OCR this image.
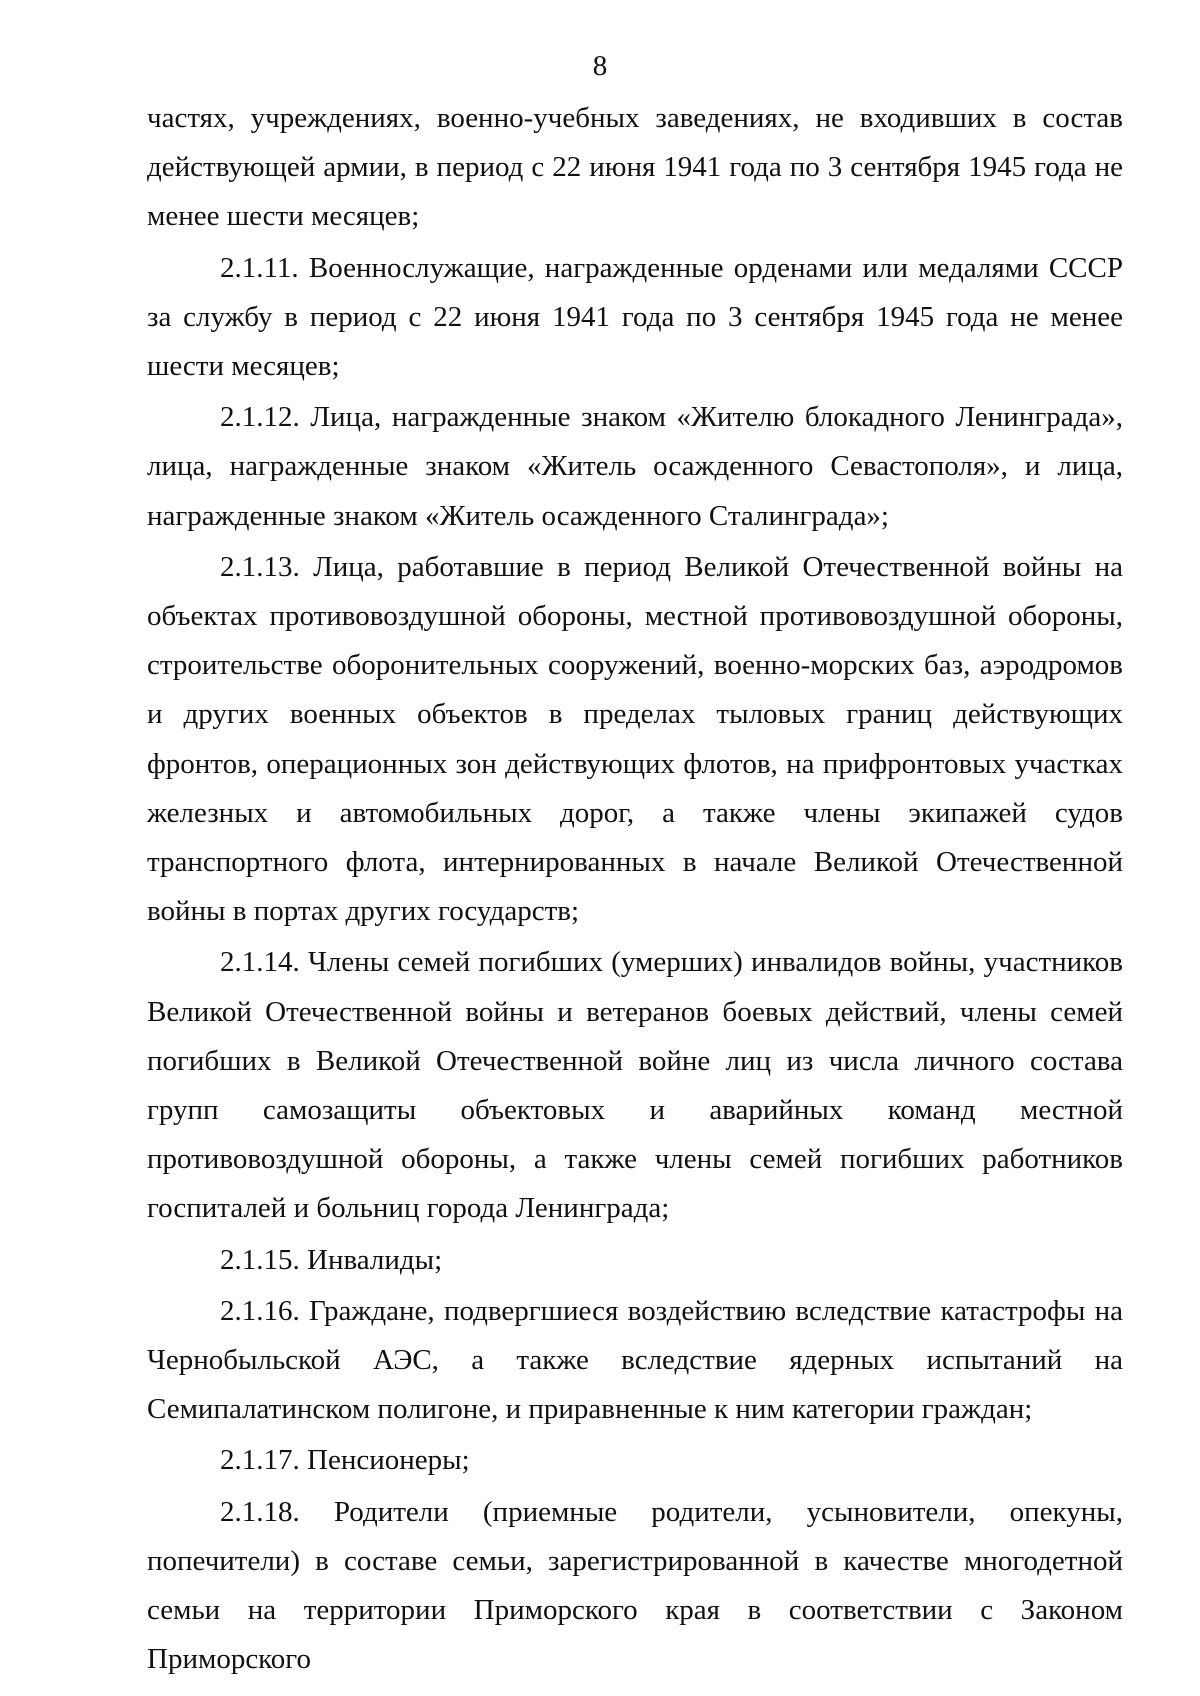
8

частях, учреждениях, военно-учебных заведениях, не входивших в состав действующей армии, в период с 22 июня 1941 года по 3 сентября 1945 года не менее шести месяцев;

2.1.11. Военнослужащие, награжденные орденами или медалями СССР за службу в период с 22 июня 1941 года по 3 сентября 1945 года не менее шести месяцев;

2.1.12. Лица, награжденные знаком «Жителю блокадного Ленинграда», лица, награжденные знаком «Житель осажденного Севастополя», и лица, награжденные знаком «Житель осажденного Сталинграда»;

2.1.13. Лица, работавшие в период Великой Отечественной войны на объектах противовоздушной обороны, местной противовоздушной обороны, строительстве оборонительных сооружений, военно-морских баз, аэродромов и других военных объектов в пределах тыловых границ действующих фронтов, операционных зон действующих флотов, на прифронтовых участках железных и автомобильных дорог, а также члены экипажей судов транспортного флота, интернированных в начале Великой Отечественной войны в портах других государств;

2.1.14. Члены семей погибших (умерших) инвалидов войны, участников Великой Отечественной войны и ветеранов боевых действий, члены семей погибших в Великой Отечественной войне лиц из числа личного состава групп самозащиты объектовых и аварийных команд местной противовоздушной обороны, а также члены семей погибших работников госпиталей и больниц города Ленинграда;

2.1.15. Инвалиды;

2.1.16. Граждане, подвергшиеся воздействию вследствие катастрофы на Чернобыльской АЭС, а также вследствие ядерных испытаний на Семипалатинском полигоне, и приравненные к ним категории граждан;

2.1.17. Пенсионеры;

2.1.18. Родители (приемные родители, усыновители, опекуны, попечители) в составе семьи, зарегистрированной в качестве многодетной семьи на территории Приморского края в соответствии с Законом Приморского
